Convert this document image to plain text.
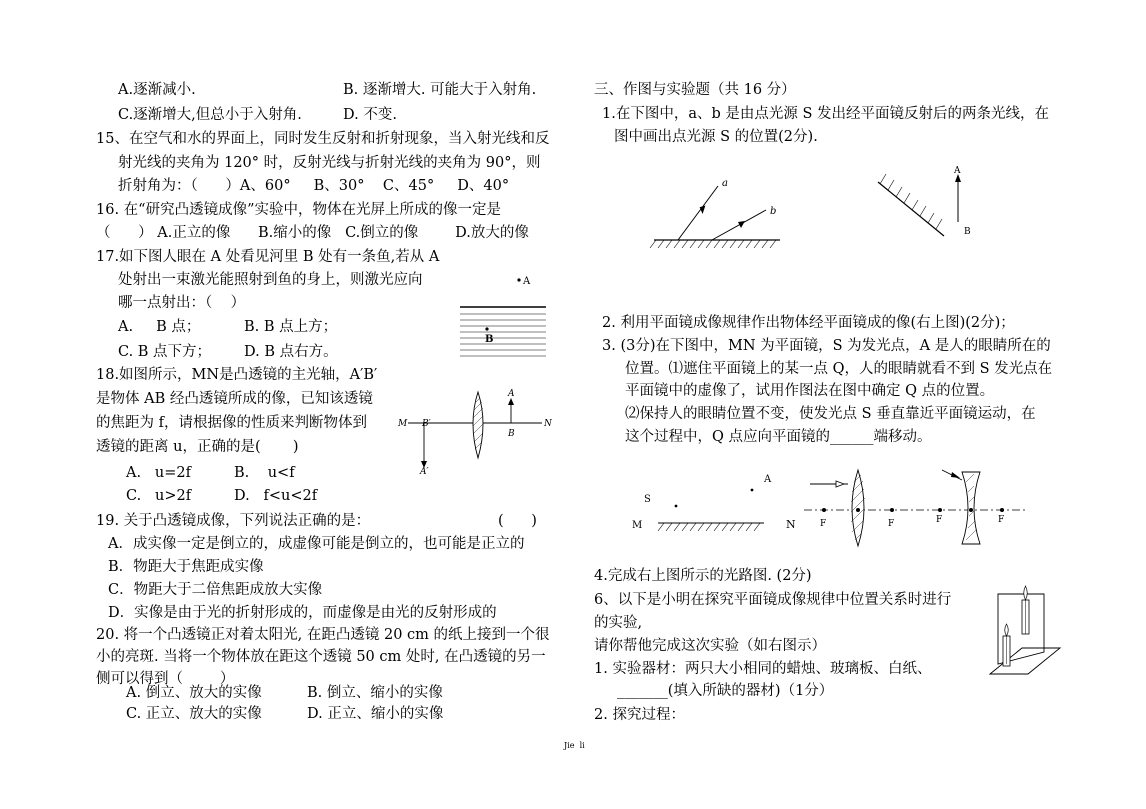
A.逐渐减小.	B. 逐渐增大. 可能大于入射角.
C.逐渐增大,但总小于入射角.	D. 不变.
15、在空气和水的界面上，同时发生反射和折射现象，当入射光线和反
射光线的夹角为 120° 时，反射光线与折射光线的夹角为 90°，则
折射角为：（      ）A、60°     B、30°    C、45°     D、40°
16. 在“研究凸透镜成像”实验中，物体在光屏上所成的像一定是
（      ） A.正立的像      B.缩小的像   C.倒立的像        D.放大的像
17.如下图人眼在 A 处看见河里 B 处有一条鱼,若从 A
处射出一束激光能照射到鱼的身上，则激光应向
哪一点射出：（    ）
A.     B 点；	B. B 点上方；
C. B 点下方； D. B 点右方。
A
B
18.如图所示，MN是凸透镜的主光轴，A′B′
是物体 AB 经凸透镜所成的像，已知该透镜
的焦距为 f，请根据像的性质来判断物体到
透镜的距离 u，正确的是(       )
A.   u=2f	B.    u<f
C.   u>2f	D.   f<u<2f
M	N
B′
A′
A
B
19. 关于凸透镜成像，下列说法正确的是：	(      )
A．成实像一定是倒立的，成虚像可能是倒立的，也可能是正立的
B．物距大于焦距成实像
C．物距大于二倍焦距成放大实像
D．实像是由于光的折射形成的，而虚像是由光的反射形成的
20. 将一个凸透镜正对着太阳光, 在距凸透镜 20 cm 的纸上接到一个很
小的亮斑. 当将一个物体放在距这个透镜 50 cm 处时, 在凸透镜的另一
侧可以得到（        ）
A. 倒立、放大的实像	B. 倒立、缩小的实像
C. 正立、放大的实像	D. 正立、缩小的实像
三、作图与实验题（共 16 分）
1.在下图中，a、b 是由点光源 S 发出经平面镜反射后的两条光线，在
图中画出点光源 S 的位置(2分).
a
b
A
B
2. 利用平面镜成像规律作出物体经平面镜成的像(右上图)(2分)；
3. (3分)在下图中，MN 为平面镜，S 为发光点，A 是人的眼睛所在的
位置。⑴遮住平面镜上的某一点 Q，人的眼睛就看不到 S 发光点在
平面镜中的虚像了，试用作图法在图中确定 Q 点的位置。
⑵保持人的眼睛位置不变，使发光点 S 垂直靠近平面镜运动，在
这个过程中，Q 点应向平面镜的______端移动。
S
A
M	N	F	F	F	F
4.完成右上图所示的光路图. (2分)
6、以下是小明在探究平面镜成像规律中位置关系时进行
的实验,
请你帮他完成这次实验（如右图示）
1. 实验器材：两只大小相同的蜡烛、玻璃板、白纸、
_______(填入所缺的器材)（1分）
2. 探究过程：
Jie  li
